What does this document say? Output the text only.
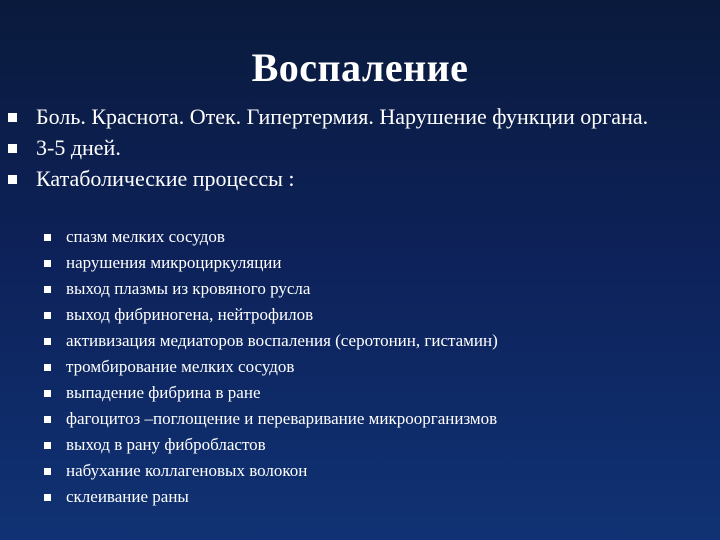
Воспаление
Боль. Краснота. Отек. Гипертермия. Нарушение функции органа.
3-5 дней.
Катаболические процессы :
спазм мелких сосудов
нарушения микроциркуляции
выход плазмы из кровяного русла
выход фибриногена, нейтрофилов
активизация медиаторов воспаления (серотонин, гистамин)
тромбирование мелких сосудов
выпадение фибрина в ране
фагоцитоз –поглощение и переваривание микроорганизмов
выход в рану фибробластов
набухание коллагеновых волокон
склеивание раны
